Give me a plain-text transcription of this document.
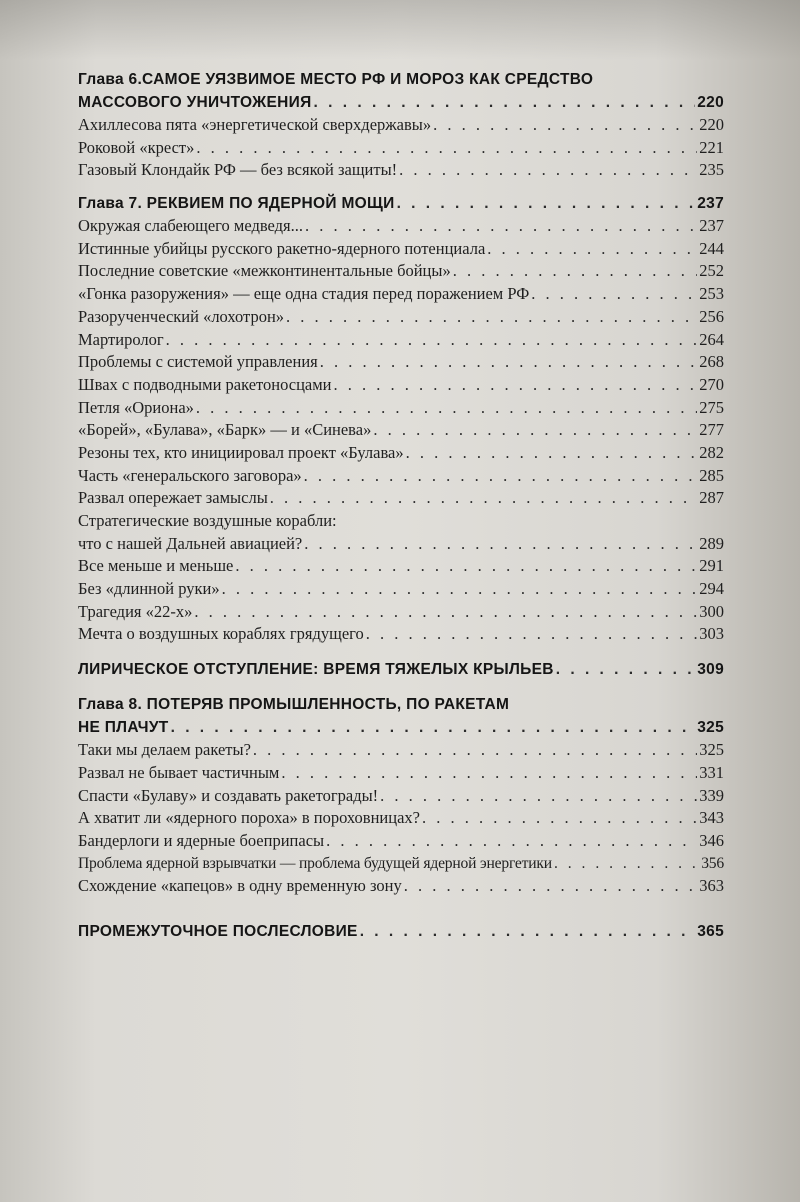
Глава 6.САМОЕ УЯЗВИМОЕ МЕСТО РФ И МОРОЗ КАК СРЕДСТВО
МАССОВОГО УНИЧТОЖЕНИЯ . . .	220
Ахиллесова пята «энергетической сверхдержавы» . . .	220
Роковой «крест» . . .	221
Газовый Клондайк РФ — без всякой защиты! . . .	235
Глава 7. РЕКВИЕМ ПО ЯДЕРНОЙ МОЩИ . . .	237
Окружая слабеющего медведя... . . .	237
Истинные убийцы русского ракетно-ядерного потенциала . . .	244
Последние советские «межконтинентальные бойцы» . . .	252
«Гонка разоружения» — еще одна стадия перед поражением РФ . . .	253
Разорученческий «лохотрон» . . .	256
Мартиролог . . .	264
Проблемы с системой управления . . .	268
Швах с подводными ракетоносцами . . .	270
Петля «Ориона» . . .	275
«Борей», «Булава», «Барк» — и «Синева» . . .	277
Резоны тех, кто инициировал проект «Булава» . . .	282
Часть «генеральского заговора» . . .	285
Развал опережает замыслы . . .	287
Стратегические воздушные корабли:
что с нашей Дальней авиацией? . . .	289
Все меньше и меньше . . .	291
Без «длинной руки» . . .	294
Трагедия «22-х» . . .	300
Мечта о воздушных кораблях грядущего . . .	303
ЛИРИЧЕСКОЕ ОТСТУПЛЕНИЕ: ВРЕМЯ ТЯЖЕЛЫХ КРЫЛЬЕВ . . .	309
Глава 8. ПОТЕРЯВ ПРОМЫШЛЕННОСТЬ, ПО РАКЕТАМ
НЕ ПЛАЧУТ . . .	325
Таки мы делаем ракеты? . . .	325
Развал не бывает частичным . . .	331
Спасти «Булаву» и создавать ракетограды! . . .	339
А хватит ли «ядерного пороха» в пороховницах? . . .	343
Бандерлоги и ядерные боеприпасы . . .	346
Проблема ядерной взрывчатки — проблема будущей ядерной энергетики . . .	356
Схождение «капецов» в одну временную зону . . .	363
ПРОМЕЖУТОЧНОЕ ПОСЛЕСЛОВИЕ . . .	365
